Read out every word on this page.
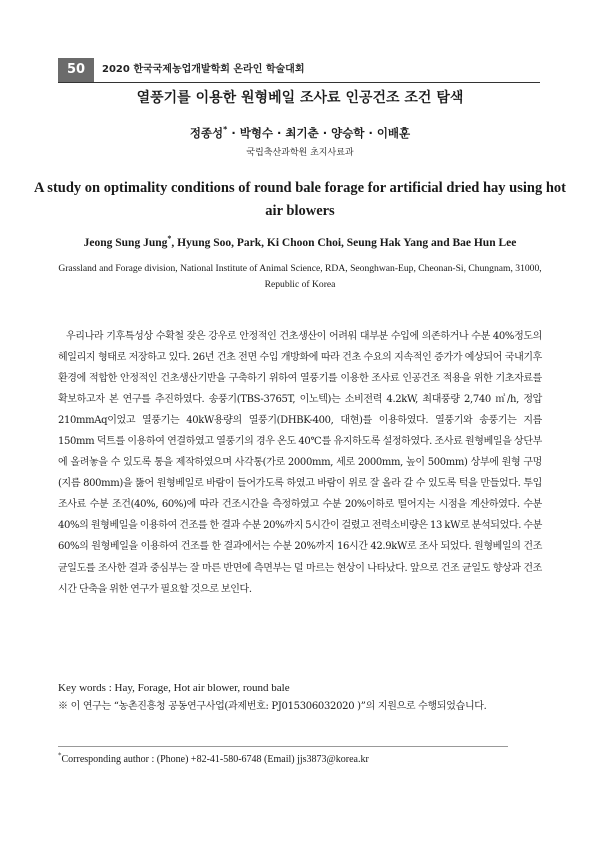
50	2020 한국국제농업개발학회 온라인 학술대회
열풍기를 이용한 원형베일 조사료 인공건조 조건 탐색
정종성* · 박형수 · 최기춘 · 양승학 · 이배훈
국립축산과학원 초지사료과
A study on optimality conditions of round bale forage for artificial dried hay using hot air blowers
Jeong Sung Jung*, Hyung Soo, Park, Ki Choon Choi, Seung Hak Yang and Bae Hun Lee
Grassland and Forage division, National Institute of Animal Science, RDA, Seonghwan-Eup, Cheonan-Si, Chungnam, 31000, Republic of Korea
우리나라 기후특성상 수확철 잦은 강우로 안정적인 건초생산이 어려워 대부분 수입에 의존하거나 수분 40%정도의 헤일리지 형태로 저장하고 있다. 26년 건초 전면 수입 개방화에 따라 건초 수요의 지속적인 증가가 예상되어 국내기후환경에 적합한 안정적인 건초생산기반을 구축하기 위하여 열풍기를 이용한 조사료 인공건조 적용을 위한 기초자료를 확보하고자 본 연구를 추진하였다. 송풍기(TBS-3765T, 이노텍)는 소비전력 4.2kW, 최대풍량 2,740 ㎥/h, 정압 210mmAq이었고 열풍기는 40kW용량의 열풍기(DHBK-400, 대현)를 이용하였다. 열풍기와 송풍기는 지름 150mm 덕트를 이용하여 연결하였고 열풍기의 경우 온도 40℃를 유지하도록 설정하였다. 조사료 원형베일을 상단부에 올려놓을 수 있도록 통을 제작하였으며 사각통(가로 2000mm, 세로 2000mm, 높이 500mm) 상부에 원형 구멍(지름 800mm)을 뚫어 원형베일로 바람이 들어가도록 하였고 바람이 위로 잘 올라 갈 수 있도록 턱을 만들었다. 투입 조사료 수분 조건(40%, 60%)에 따라 건조시간을 측정하였고 수분 20%이하로 떨어지는 시점을 계산하였다. 수분 40%의 원형베일을 이용하여 건조를 한 결과 수분 20%까지 5시간이 걸렸고 전력소비량은 13 kW로 분석되었다. 수분 60%의 원형베일을 이용하여 건조를 한 결과에서는 수분 20%까지 16시간 42.9kW로 조사 되었다. 원형베일의 건조균일도를 조사한 결과 중심부는 잘 마른 반면에 측면부는 덜 마르는 현상이 나타났다. 앞으로 건조 균일도 향상과 건조 시간 단축을 위한 연구가 필요할 것으로 보인다.
Key words : Hay, Forage, Hot air blower, round bale
※ 이 연구는 “농촌진흥청 공동연구사업(과제번호: PJ015306032020 )”의 지원으로 수행되었습니다.
*Corresponding author : (Phone) +82-41-580-6748 (Email) jjs3873@korea.kr
